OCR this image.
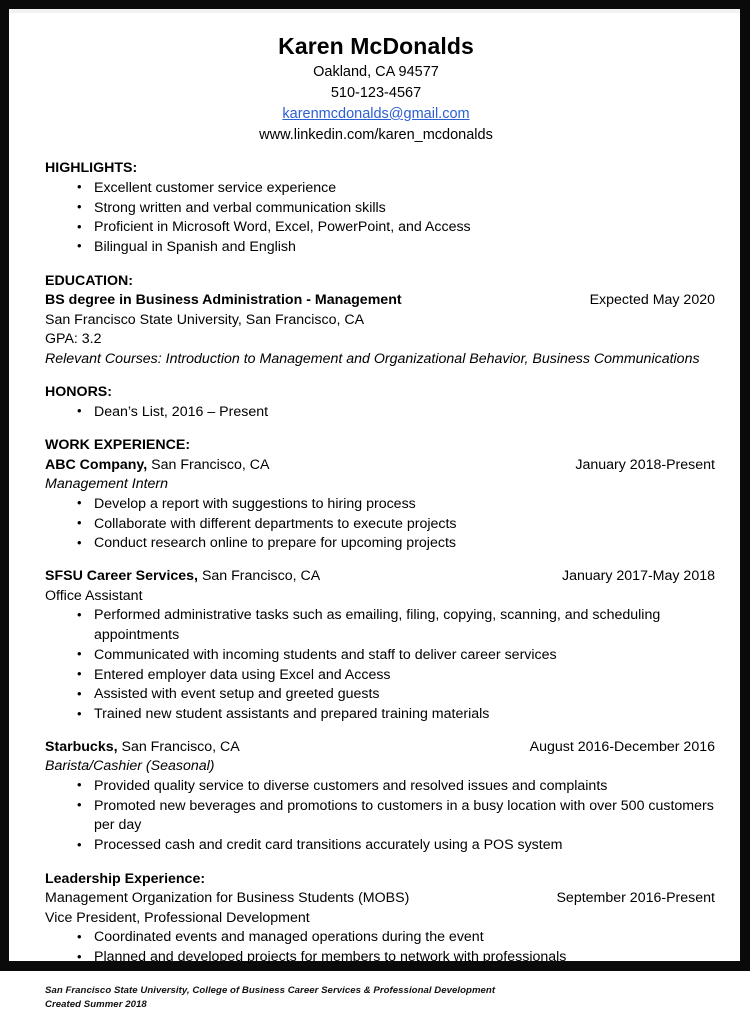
Karen McDonalds
Oakland, CA 94577
510-123-4567
karenmcdonalds@gmail.com
www.linkedin.com/karen_mcdonalds
HIGHLIGHTS:
• Excellent customer service experience
• Strong written and verbal communication skills
• Proficient in Microsoft Word, Excel, PowerPoint, and Access
• Bilingual in Spanish and English
EDUCATION:
BS degree in Business Administration - Management	Expected May 2020
San Francisco State University, San Francisco, CA
GPA: 3.2
Relevant Courses: Introduction to Management and Organizational Behavior, Business Communications
HONORS:
• Dean’s List, 2016 – Present
WORK EXPERIENCE:
ABC Company, San Francisco, CA	January 2018-Present
Management Intern
• Develop a report with suggestions to hiring process
• Collaborate with different departments to execute projects
• Conduct research online to prepare for upcoming projects
SFSU Career Services, San Francisco, CA	January 2017-May 2018
Office Assistant
• Performed administrative tasks such as emailing, filing, copying, scanning, and scheduling appointments
• Communicated with incoming students and staff to deliver career services
• Entered employer data using Excel and Access
• Assisted with event setup and greeted guests
• Trained new student assistants and prepared training materials
Starbucks, San Francisco, CA	August 2016-December 2016
Barista/Cashier (Seasonal)
• Provided quality service to diverse customers and resolved issues and complaints
• Promoted new beverages and promotions to customers in a busy location with over 500 customers per day
• Processed cash and credit card transitions accurately using a POS system
Leadership Experience:
Management Organization for Business Students (MOBS)	September 2016-Present
Vice President, Professional Development
• Coordinated events and managed operations during the event
• Planned and developed projects for members to network with professionals
San Francisco State University, College of Business Career Services & Professional Development
Created Summer 2018
